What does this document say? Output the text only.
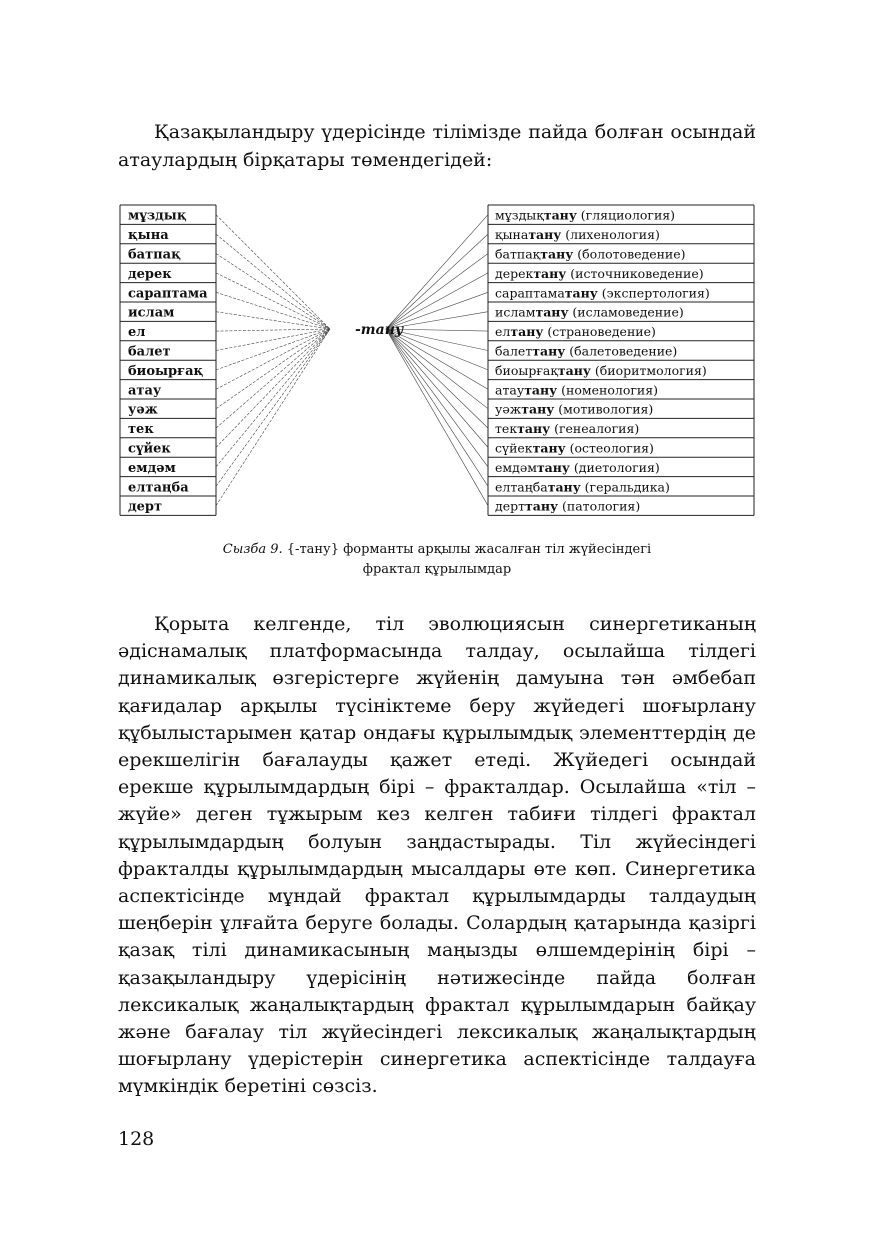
Қазақыландыру үдерісінде тілімізде пайда болған осындай атаулардың бірқатары төмендегідей:

мұздық
қына
батпақ
дерек
сараптама
ислам
ел
балет
биоырғақ
атау
уәж
тек
сүйек
емдәм
елтаңба
дерт
мұздықтану (гляциология)
қынатану (лихенология)
батпақтану (болотоведение)
деректану (источниковедение)
сараптаматану (экспертология)
исламтану (исламоведение)
елтану (страноведение)
балеттану (балетоведение)
биоырғақтану (биоритмология)
атаутану (номенология)
уәжтану (мотивология)
тектану (генеалогия)
сүйектану (остеология)
емдәмтану (диетология)
елтаңбатану (геральдика)
дерттану (патология)
-тану

Сызба 9. {-тану} форманты арқылы жасалған тіл жүйесіндегі
фрактал құрылымдар

Қорыта келгенде, тіл эволюциясын синергетиканың әдіснамалық платформасында талдау, осылайша тілдегі динамикалық өзгерістерге жүйенің дамуына тән әмбебап қағидалар арқылы түсініктеме беру жүйедегі шоғырлану құбылыстарымен қатар ондағы құрылымдық элементтердің де ерекшелігін бағалауды қажет етеді. Жүйедегі осындай ерекше құрылымдардың бірі – фракталдар. Осылайша «тіл – жүйе» деген тұжырым кез келген табиғи тілдегі фрактал құрылымдардың болуын заңдастырады. Тіл жүйесіндегі фракталды құрылымдардың мысалдары өте көп. Синергетика аспектісінде мұндай фрактал құрылымдарды талдаудың шеңберін ұлғайта беруге болады. Солардың қатарында қазіргі қазақ тілі динамикасының маңызды өлшемдерінің бірі – қазақыландыру үдерісінің нәтижесінде пайда болған лексикалық жаңалықтардың фрактал құрылымдарын байқау және бағалау тіл жүйесіндегі лексикалық жаңалықтардың шоғырлану үдерістерін синергетика аспектісінде талдауға мүмкіндік беретіні сөзсіз.

128
